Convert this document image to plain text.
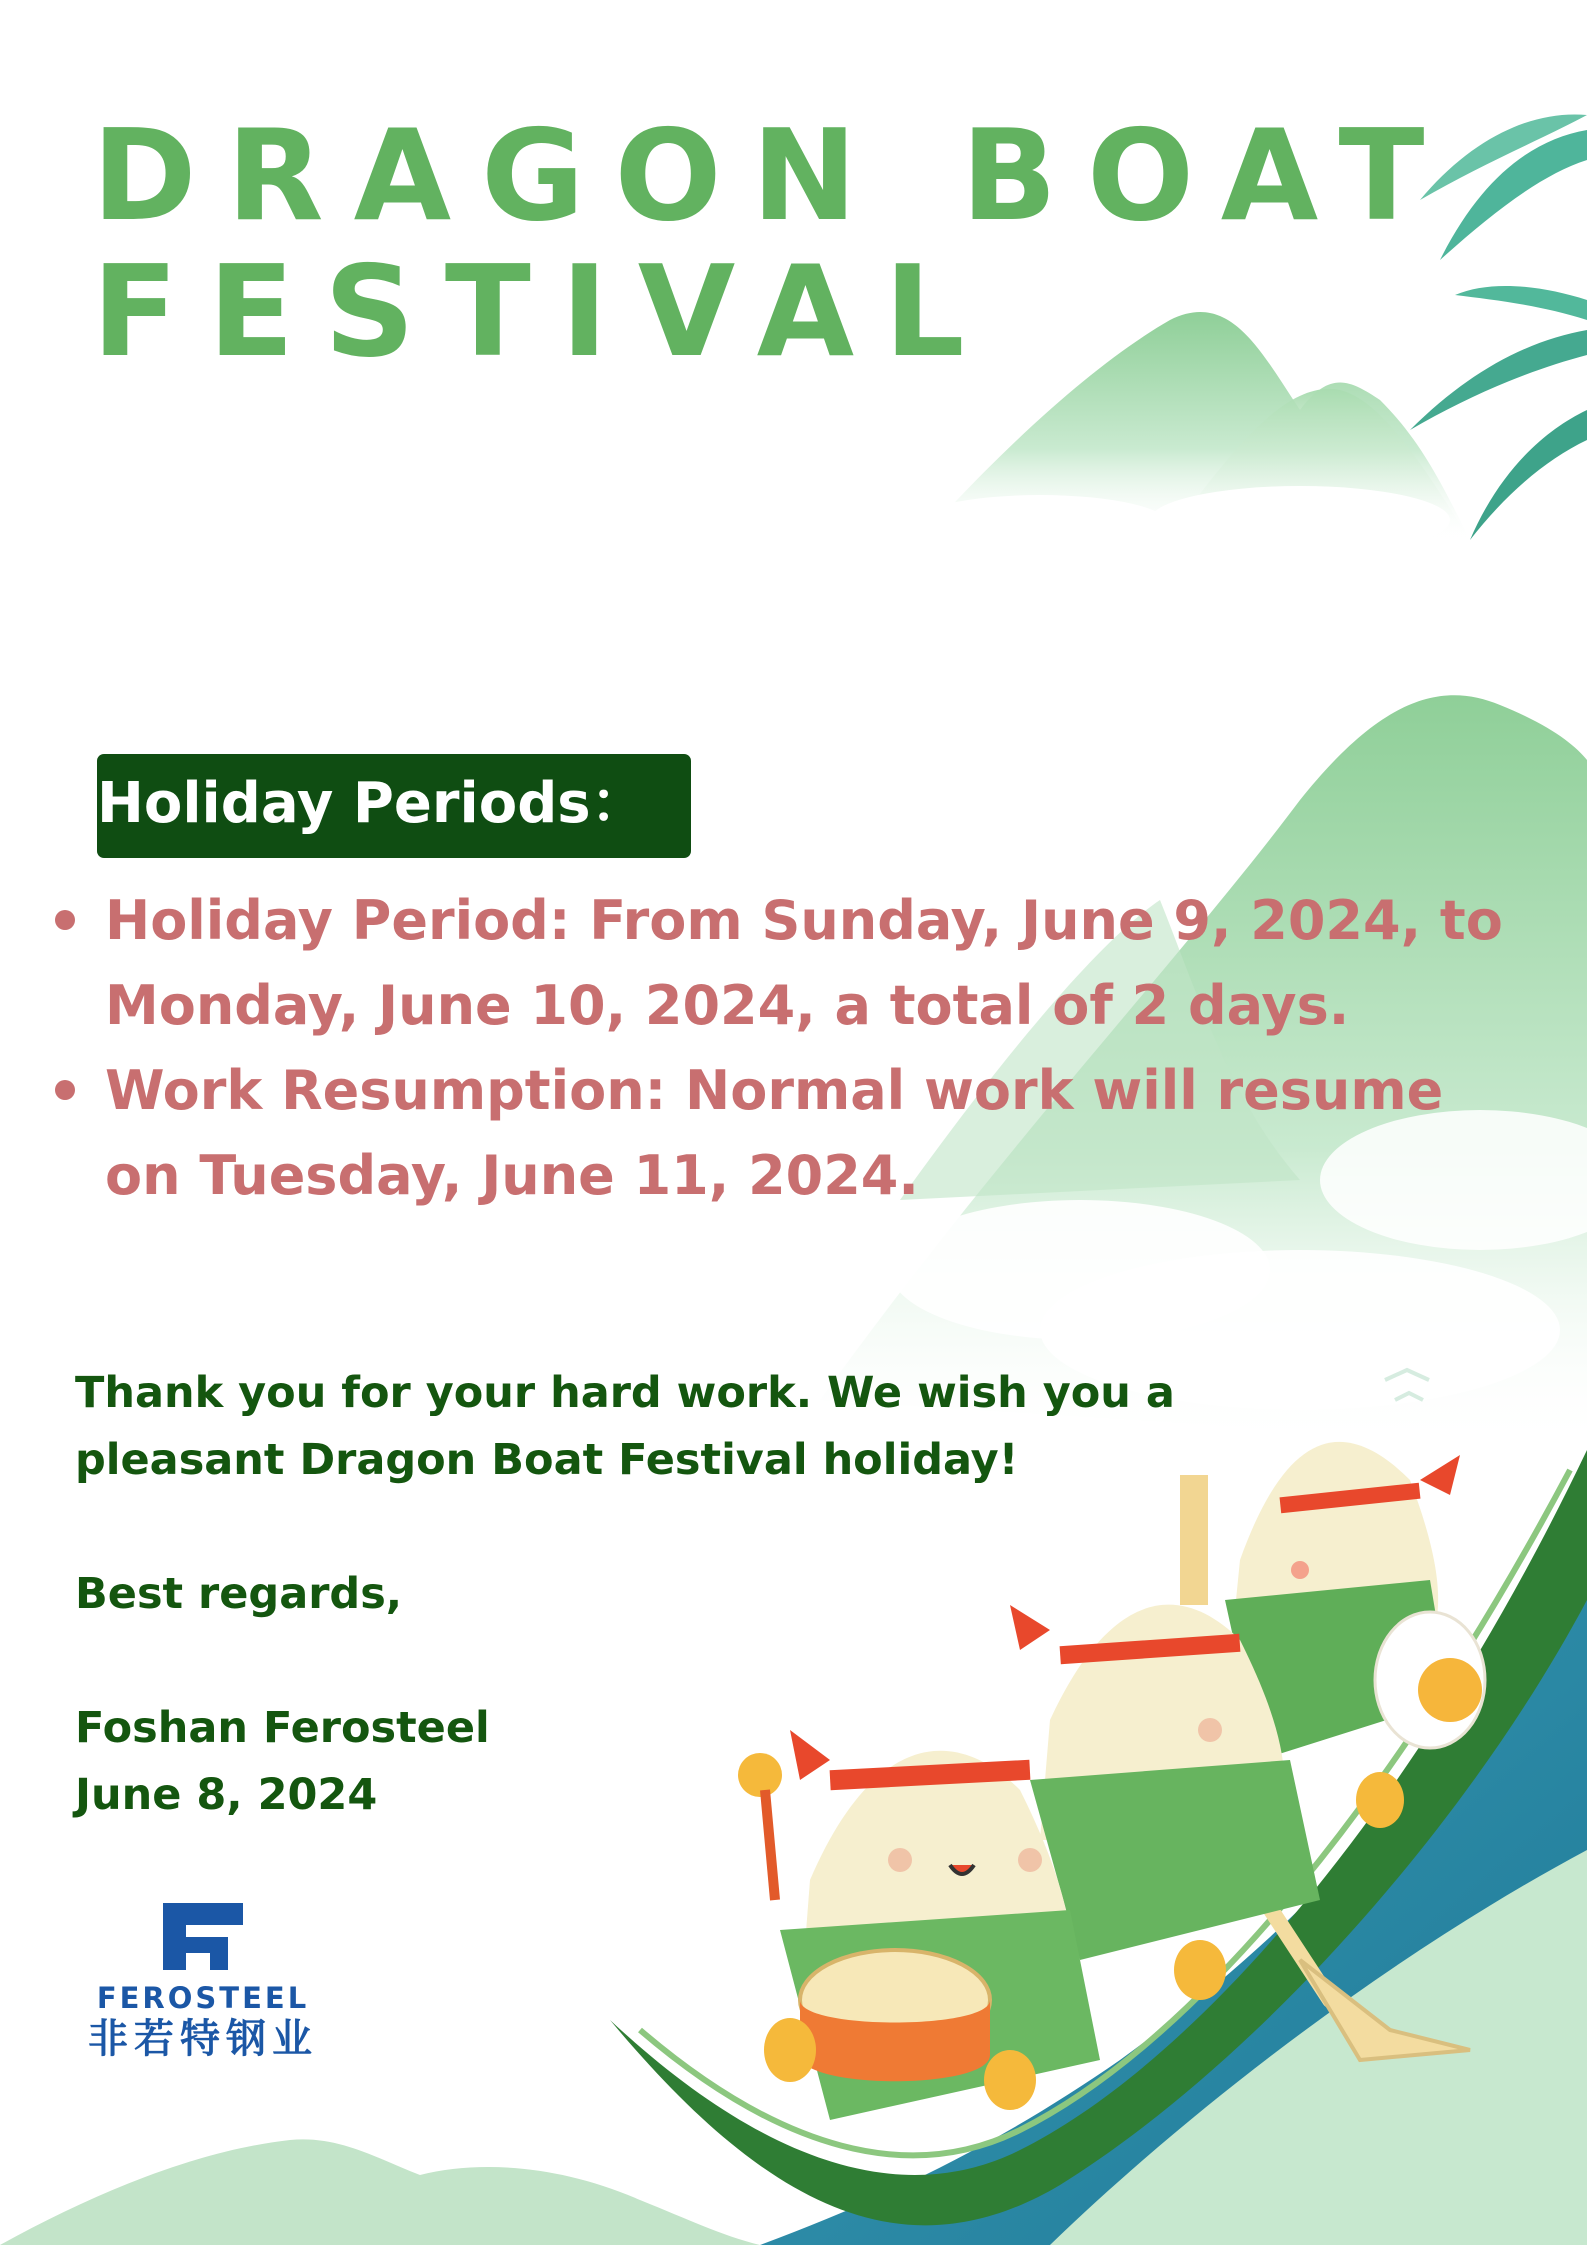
DRAGON BOAT
FESTIVAL
Holiday Periods：
Holiday Period: From Sunday, June 9, 2024, to Monday, June 10, 2024, a total of 2 days.
Work Resumption: Normal work will resume on Tuesday, June 11, 2024.

Thank you for your hard work. We wish you a pleasant Dragon Boat Festival holiday!

Best regards,

Foshan Ferosteel

June 8, 2024

FEROSTEEL
非若特钢业
